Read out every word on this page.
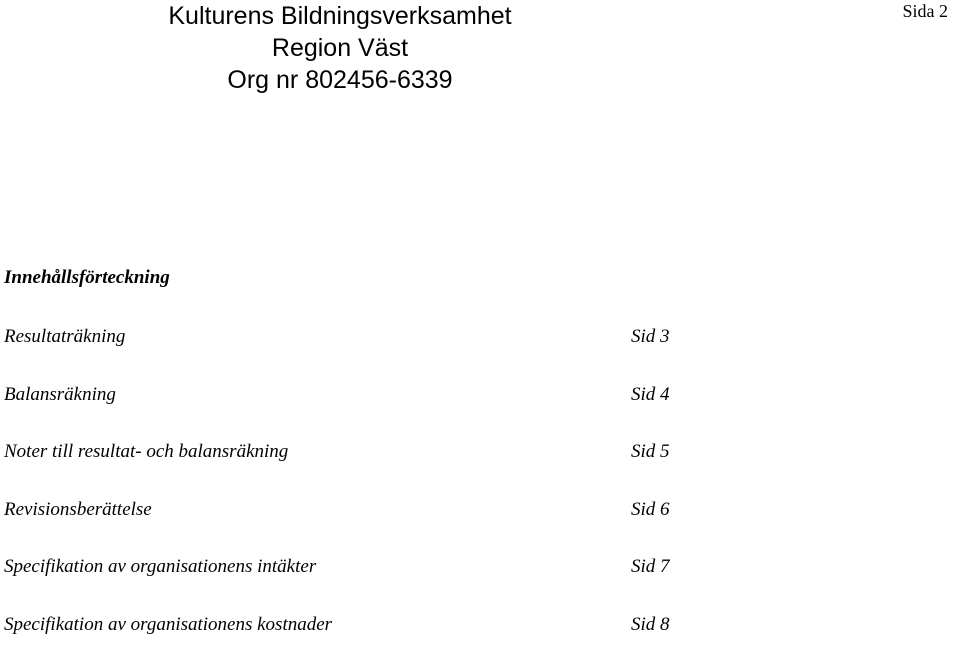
Kulturens Bildningsverksamhet
Region Väst
Org nr 802456-6339
Sida 2
Innehållsförteckning
Resultaträkning	Sid 3
Balansräkning	Sid 4
Noter till resultat- och balansräkning	Sid 5
Revisionsberättelse	Sid 6
Specifikation av organisationens intäkter	Sid 7
Specifikation av organisationens kostnader	Sid 8
